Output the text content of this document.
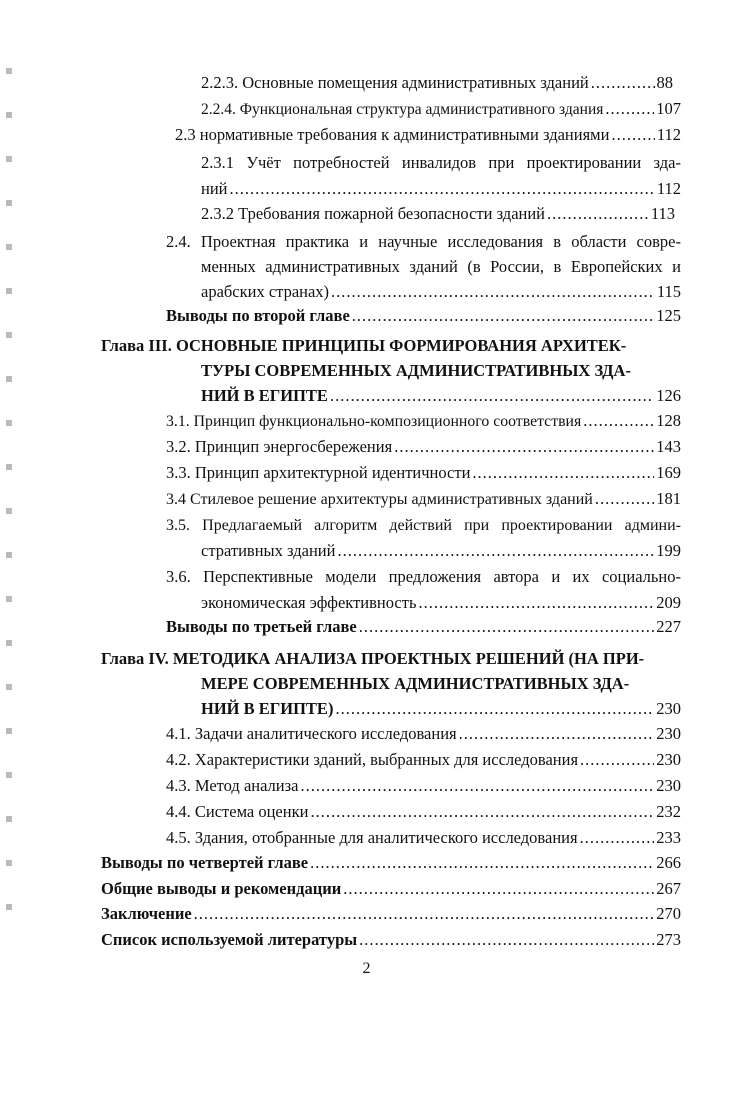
2.2.3. Основные помещения административных зданий .....	88
2.2.4. Функциональная структура административного здания .....	107
2.3 нормативные требования к административными зданиями .....	112
2.3.1 Учёт потребностей инвалидов при проектировании зда-
ний .....	112
2.3.2 Требования пожарной безопасности зданий .....	113
2.4. Проектная практика и научные исследования в области совре-
менных административных зданий (в России, в Европейских и
арабских странах) .....	115
Выводы по второй главе .....	125
Глава III. ОСНОВНЫЕ ПРИНЦИПЫ ФОРМИРОВАНИЯ АРХИТЕК-
ТУРЫ СОВРЕМЕННЫХ АДМИНИСТРАТИВНЫХ ЗДА-
НИЙ В ЕГИПТЕ .....	126
3.1. Принцип функционально-композиционного соответствия .....	128
3.2. Принцип энергосбережения .....	143
3.3. Принцип архитектурной идентичности .....	169
3.4 Стилевое решение архитектуры административных зданий .....	181
3.5. Предлагаемый алгоритм действий при проектировании админи-
стративных зданий .....	199
3.6. Перспективные модели предложения автора и их социально-
экономическая эффективность .....	209
Выводы по третьей главе .....	227
Глава IV. МЕТОДИКА АНАЛИЗА ПРОЕКТНЫХ РЕШЕНИЙ (НА ПРИ-
МЕРЕ СОВРЕМЕННЫХ АДМИНИСТРАТИВНЫХ ЗДА-
НИЙ В ЕГИПТЕ) .....	230
4.1. Задачи аналитического исследования .....	230
4.2. Характеристики зданий, выбранных для исследования .....	230
4.3. Метод анализа .....	230
4.4. Система оценки .....	232
4.5. Здания, отобранные для аналитического исследования .....	233
Выводы по четвертей главе .....	266
Общие выводы и рекомендации .....	267
Заключение .....	270
Список используемой литературы .....	273
2
